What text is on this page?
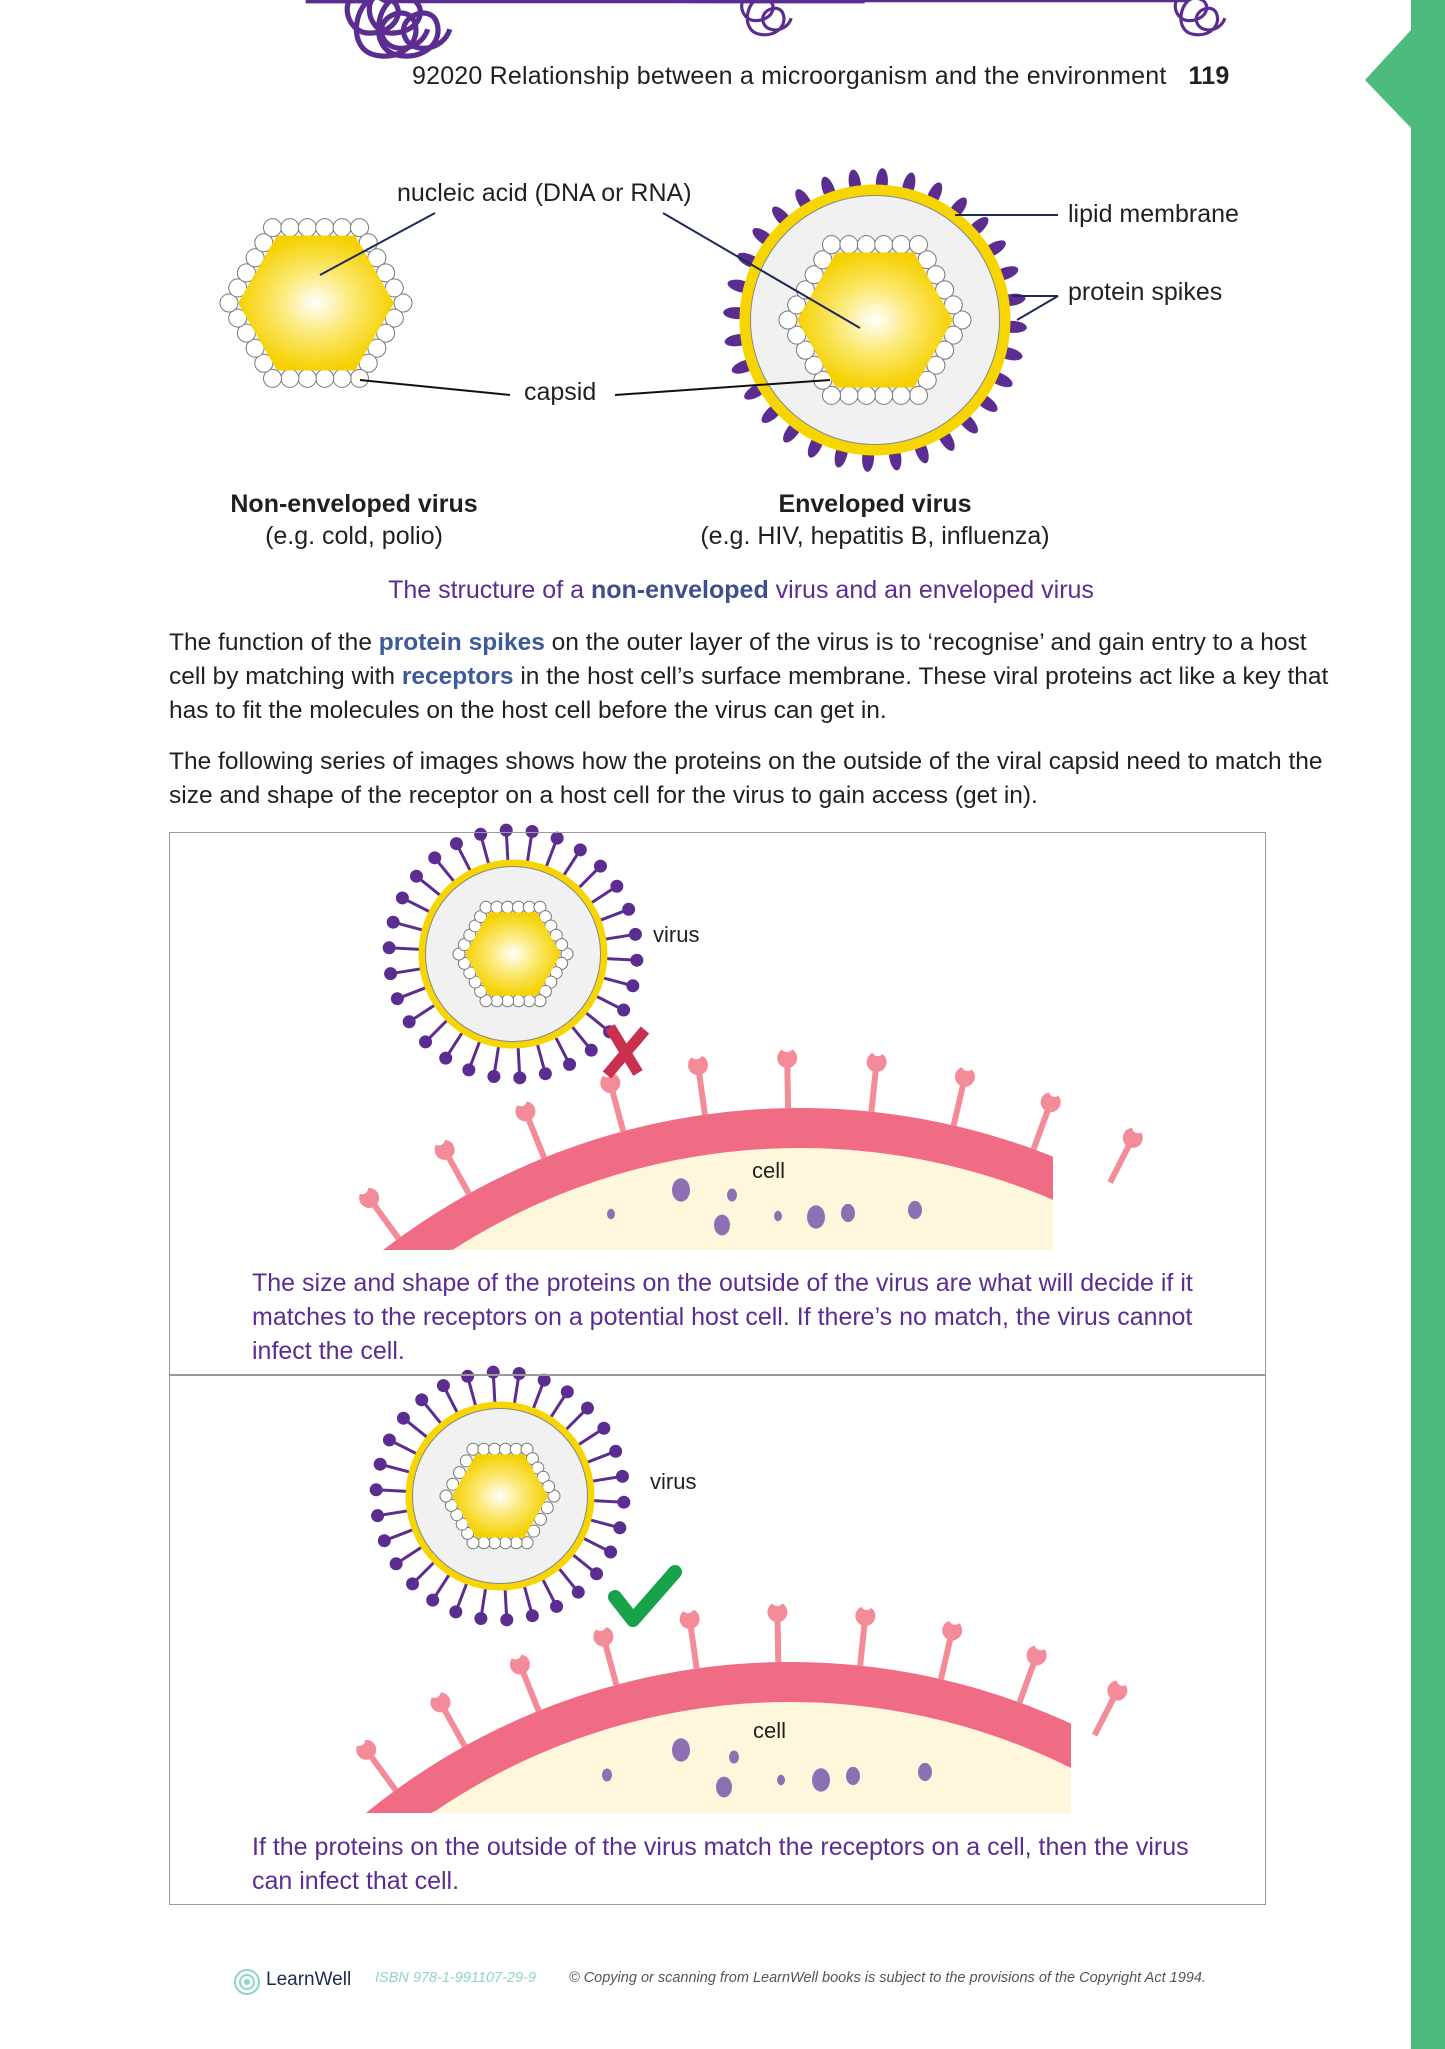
92020 Relationship between a microorganism and the environment 119
nucleic acid (DNA or RNA)
lipid membrane
protein spikes
capsid
Non-enveloped virus
(e.g. cold, polio)
Enveloped virus
(e.g. HIV, hepatitis B, influenza)
The structure of a non-enveloped virus and an enveloped virus
The function of the protein spikes on the outer layer of the virus is to ‘recognise’ and gain entry to a host cell by matching with receptors in the host cell’s surface membrane. These viral proteins act like a key that has to fit the molecules on the host cell before the virus can get in.
The following series of images shows how the proteins on the outside of the viral capsid need to match the size and shape of the receptor on a host cell for the virus to gain access (get in).
virus
cell
The size and shape of the proteins on the outside of the virus are what will decide if it matches to the receptors on a potential host cell. If there’s no match, the virus cannot infect the cell.
virus
cell
If the proteins on the outside of the virus match the receptors on a cell, then the virus can infect that cell.
LearnWell ISBN 978-1-991107-29-9 © Copying or scanning from LearnWell books is subject to the provisions of the Copyright Act 1994.
